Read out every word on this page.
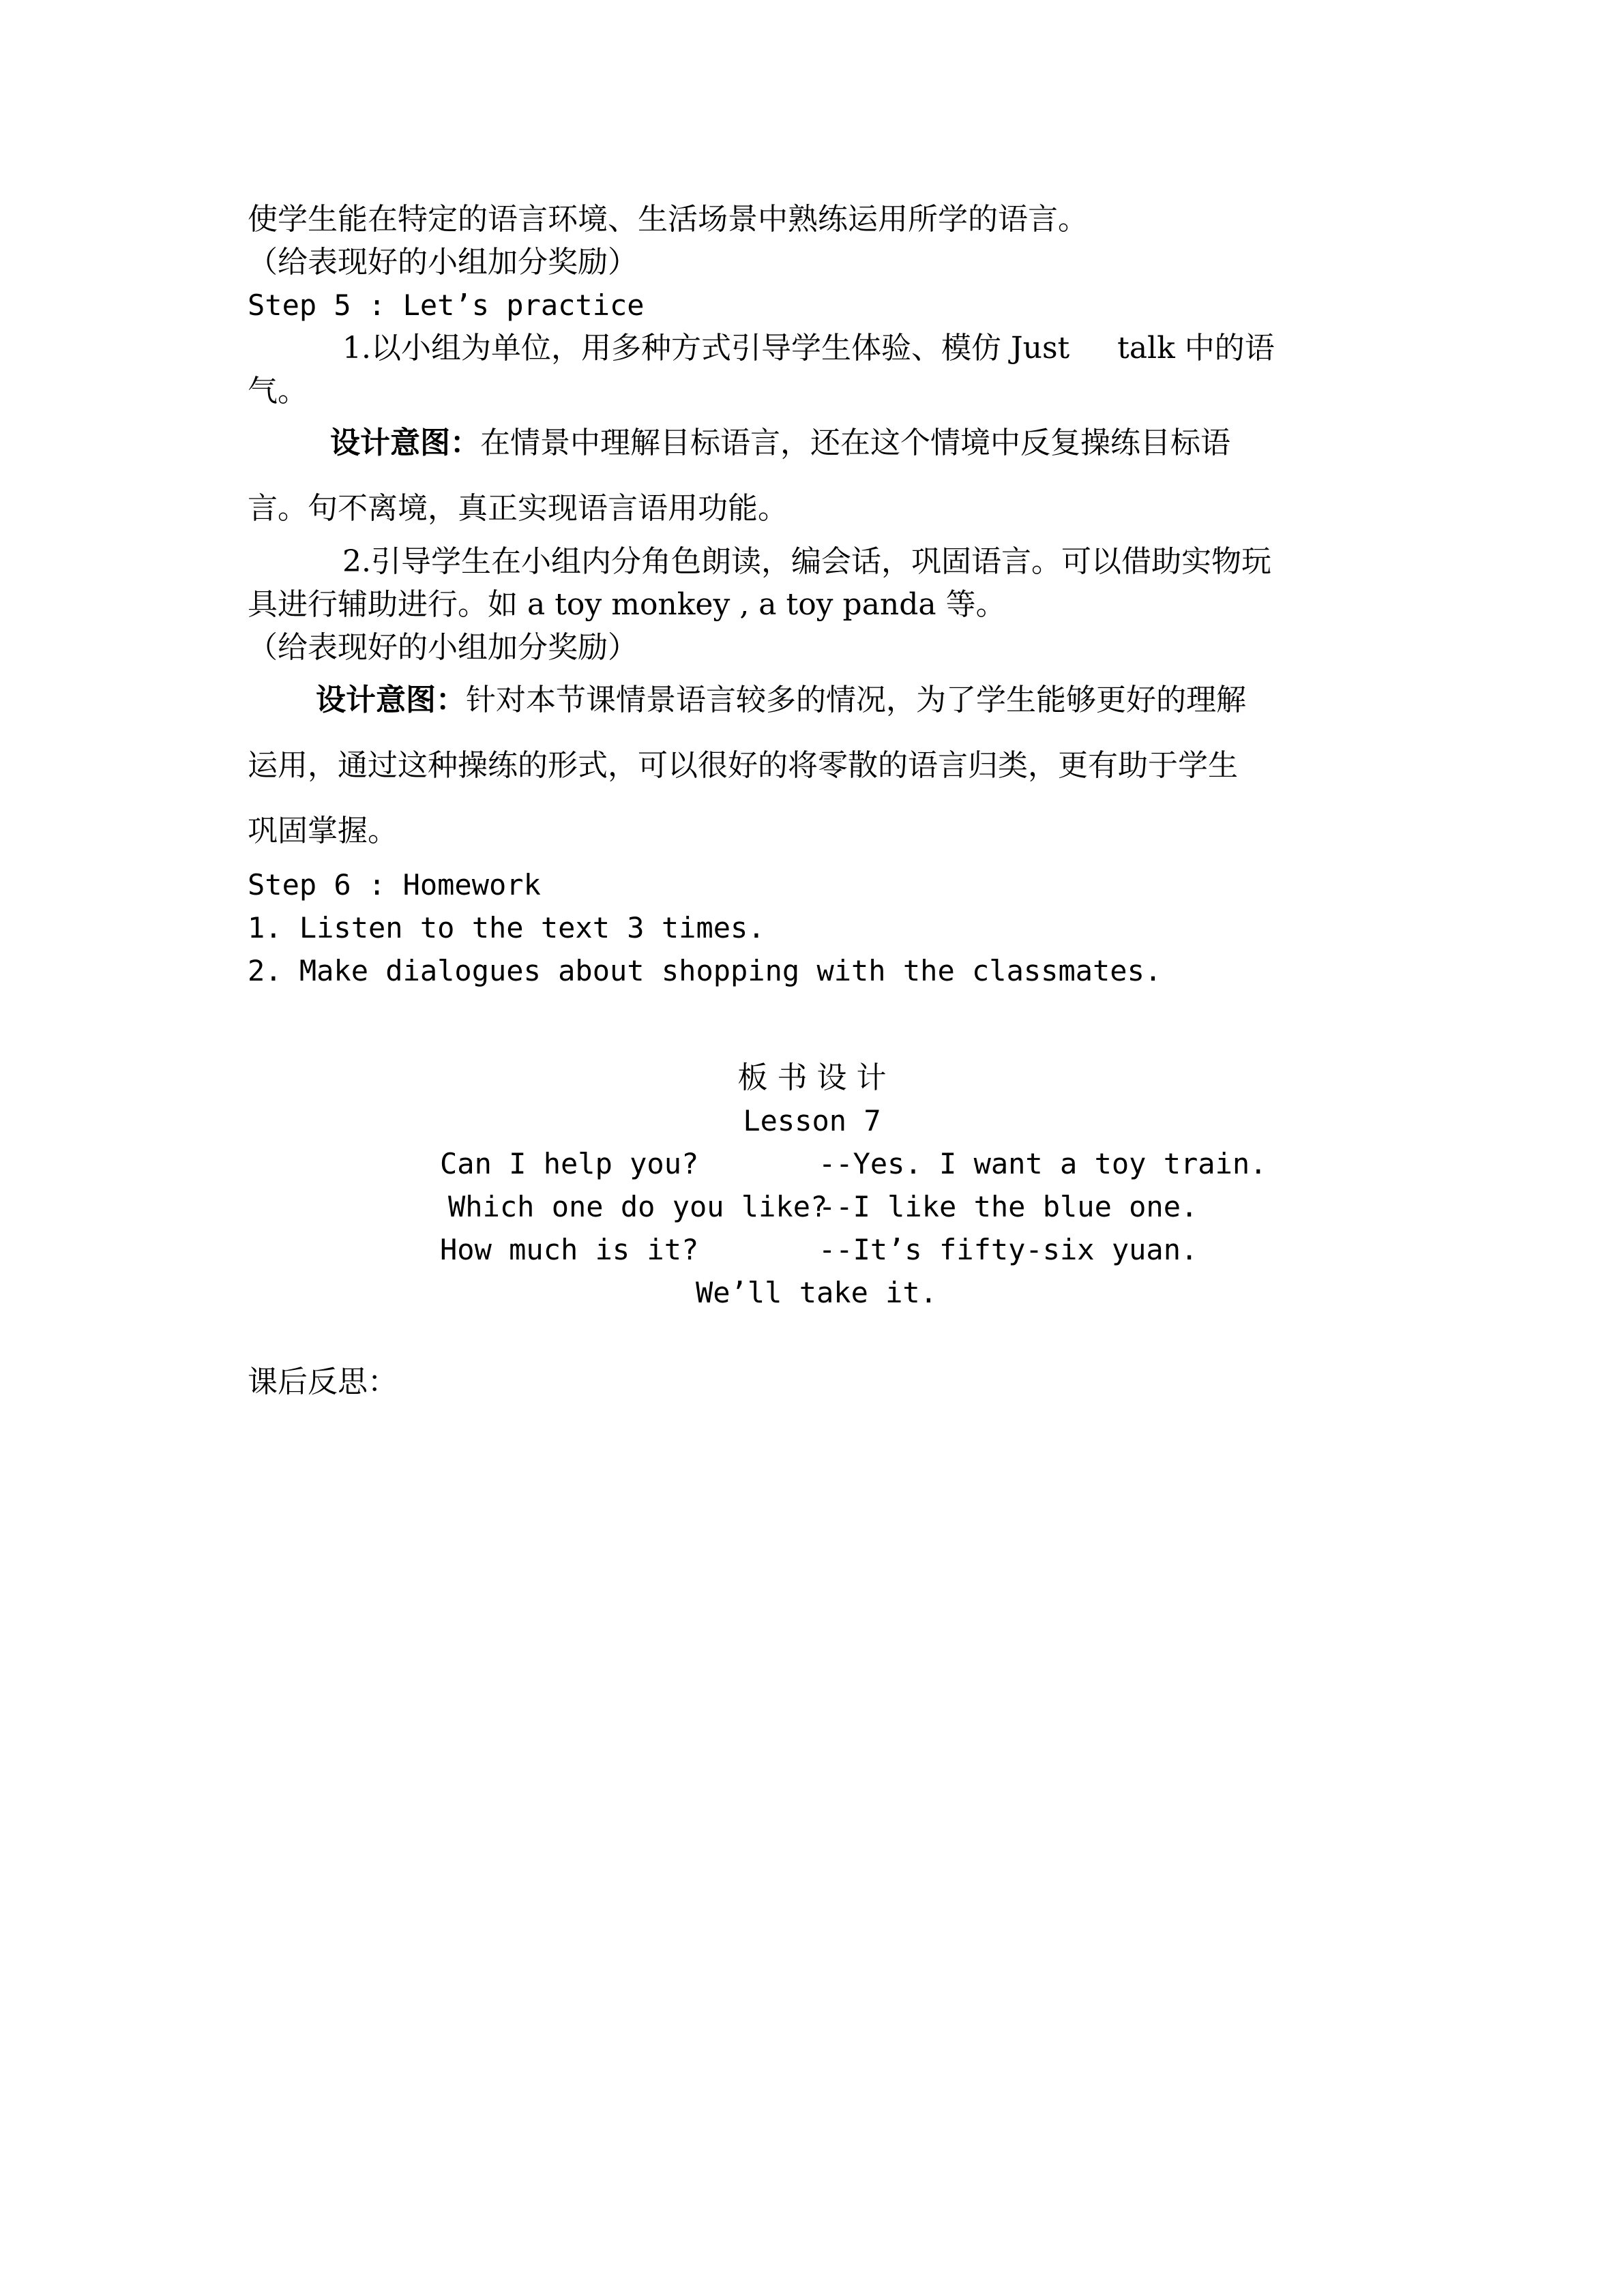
使学生能在特定的语言环境、生活场景中熟练运用所学的语言。
（给表现好的小组加分奖励）
Step 5 : Let’s practice
1.以小组为单位，用多种方式引导学生体验、模仿 Just     talk 中的语
气。
设计意图：在情景中理解目标语言，还在这个情境中反复操练目标语
言。句不离境，真正实现语言语用功能。
2.引导学生在小组内分角色朗读，编会话，巩固语言。可以借助实物玩
具进行辅助进行。如 a toy monkey , a toy panda 等。
（给表现好的小组加分奖励）
设计意图：针对本节课情景语言较多的情况，为了学生能够更好的理解
运用，通过这种操练的形式，可以很好的将零散的语言归类，更有助于学生
巩固掌握。
Step 6 : Homework
1. Listen to the text 3 times.
2. Make dialogues about shopping with the classmates.
板 书 设 计
Lesson 7
Can I help you?	--Yes. I want a toy train.
Which one do you like?
--I like the blue one.
How much is it?	--It’s fifty-six yuan.
We’ll take it.
课后反思：
